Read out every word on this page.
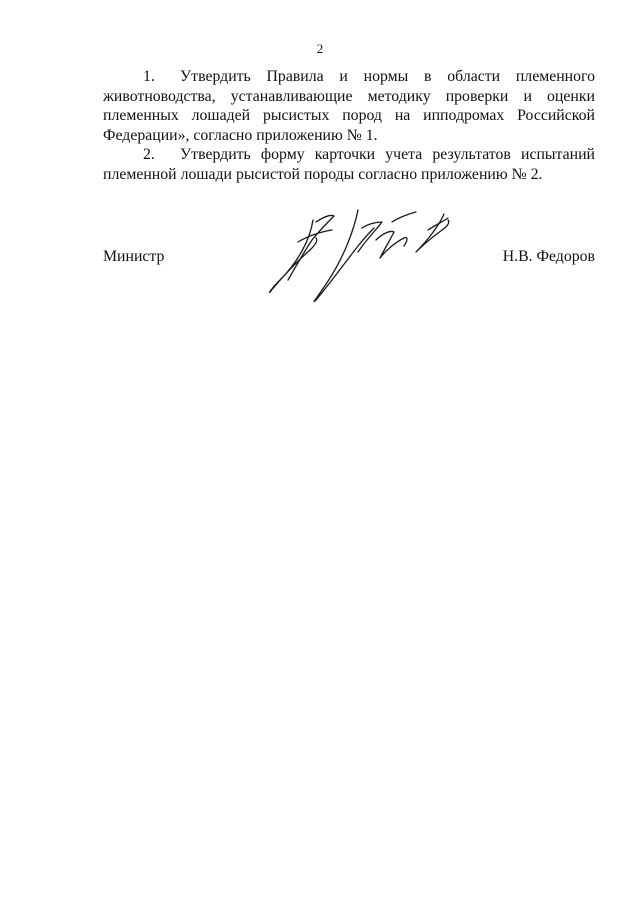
2

1. Утвердить Правила и нормы в области племенного животноводства, устанавливающие методику проверки и оценки племенных лошадей рысистых пород на ипподромах Российской Федерации», согласно приложению № 1.

2. Утвердить форму карточки учета результатов испытаний племенной лошади рысистой породы согласно приложению № 2.

Министр	Н.В. Федоров
